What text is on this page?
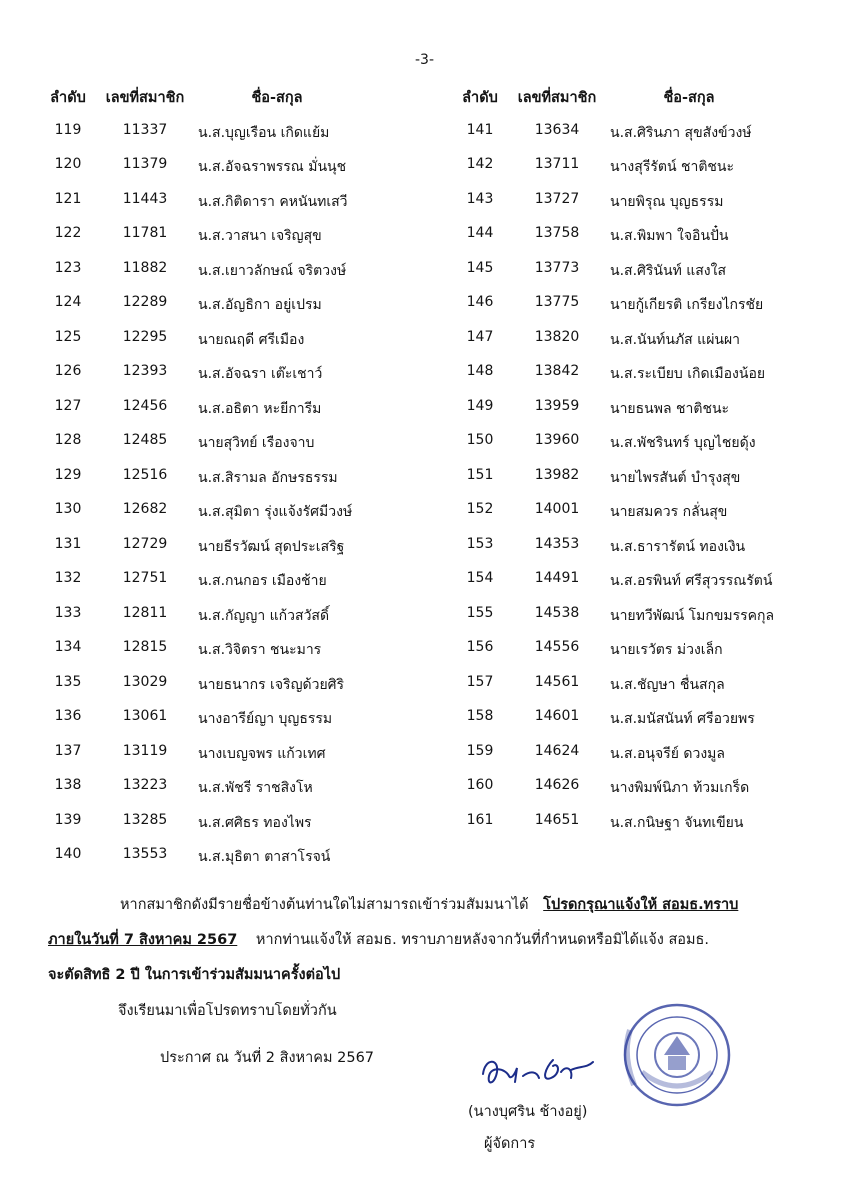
-3-
ลำดับ	เลขที่สมาชิก	ชื่อ-สกุล
119	11337	น.ส.บุญเรือน เกิดแย้ม
120	11379	น.ส.อัจฉราพรรณ มั่นนุช
121	11443	น.ส.กิติดารา คหนันทเสวี
122	11781	น.ส.วาสนา เจริญสุข
123	11882	น.ส.เยาวลักษณ์ จริตวงษ์
124	12289	น.ส.อัญธิกา อยู่เปรม
125	12295	นายณฤดี ศรีเมือง
126	12393	น.ส.อัจฉรา เต๊ะเชาว์
127	12456	น.ส.อธิตา หะยีการีม
128	12485	นายสุวิทย์ เรืองจาบ
129	12516	น.ส.สิรามล อักษรธรรม
130	12682	น.ส.สุมิตา รุ่งแจ้งรัศมีวงษ์
131	12729	นายธีรวัฒน์ สุดประเสริฐ
132	12751	น.ส.กนกอร เมืองช้าย
133	12811	น.ส.กัญญา แก้วสวัสดิ์
134	12815	น.ส.วิจิตรา ชนะมาร
135	13029	นายธนากร เจริญด้วยศิริ
136	13061	นางอารีย์ญา บุญธรรม
137	13119	นางเบญจพร แก้วเทศ
138	13223	น.ส.พัชรี ราชสิงโห
139	13285	น.ส.ศศิธร ทองไพร
140	13553	น.ส.มุธิตา ตาสาโรจน์
ลำดับ	เลขที่สมาชิก	ชื่อ-สกุล
141	13634	น.ส.ศิรินภา สุขสังข์วงษ์
142	13711	นางสุรีรัตน์ ชาติชนะ
143	13727	นายพิรุณ บุญธรรม
144	13758	น.ส.พิมพา ใจอินปั๋น
145	13773	น.ส.ศิรินันท์ แสงใส
146	13775	นายกู้เกียรติ เกรียงไกรชัย
147	13820	น.ส.นันท์นภัส แผ่นผา
148	13842	น.ส.ระเบียบ เกิดเมืองน้อย
149	13959	นายธนพล ชาติชนะ
150	13960	น.ส.พัชรินทร์ บุญไชยดุ้ง
151	13982	นายไพรสันต์ บำรุงสุข
152	14001	นายสมควร กลั่นสุข
153	14353	น.ส.ธารารัตน์ ทองเงิน
154	14491	น.ส.อรพินท์ ศรีสุวรรณรัตน์
155	14538	นายทวีพัฒน์ โมกขมรรคกุล
156	14556	นายเรวัตร ม่วงเล็ก
157	14561	น.ส.ชัญษา ชื่นสกุล
158	14601	น.ส.มนัสนันท์ ศรีอวยพร
159	14624	น.ส.อนุจรีย์ ดวงมูล
160	14626	นางพิมพ์นิภา ท้วมเกร็ด
161	14651	น.ส.กนิษฐา จันทเขียน
หากสมาชิกดังมีรายชื่อข้างต้นท่านใดไม่สามารถเข้าร่วมสัมมนาได้ โปรดกรุณาแจ้งให้ สอมธ.ทราบ
ภายในวันที่ 7 สิงหาคม 2567 หากท่านแจ้งให้ สอมธ. ทราบภายหลังจากวันที่กำหนดหรือมิได้แจ้ง สอมธ.
จะตัดสิทธิ 2 ปี ในการเข้าร่วมสัมมนาครั้งต่อไป
จึงเรียนมาเพื่อโปรดทราบโดยทั่วกัน
ประกาศ ณ วันที่ 2 สิงหาคม 2567
(นางบุศริน ช้างอยู่)
ผู้จัดการ
